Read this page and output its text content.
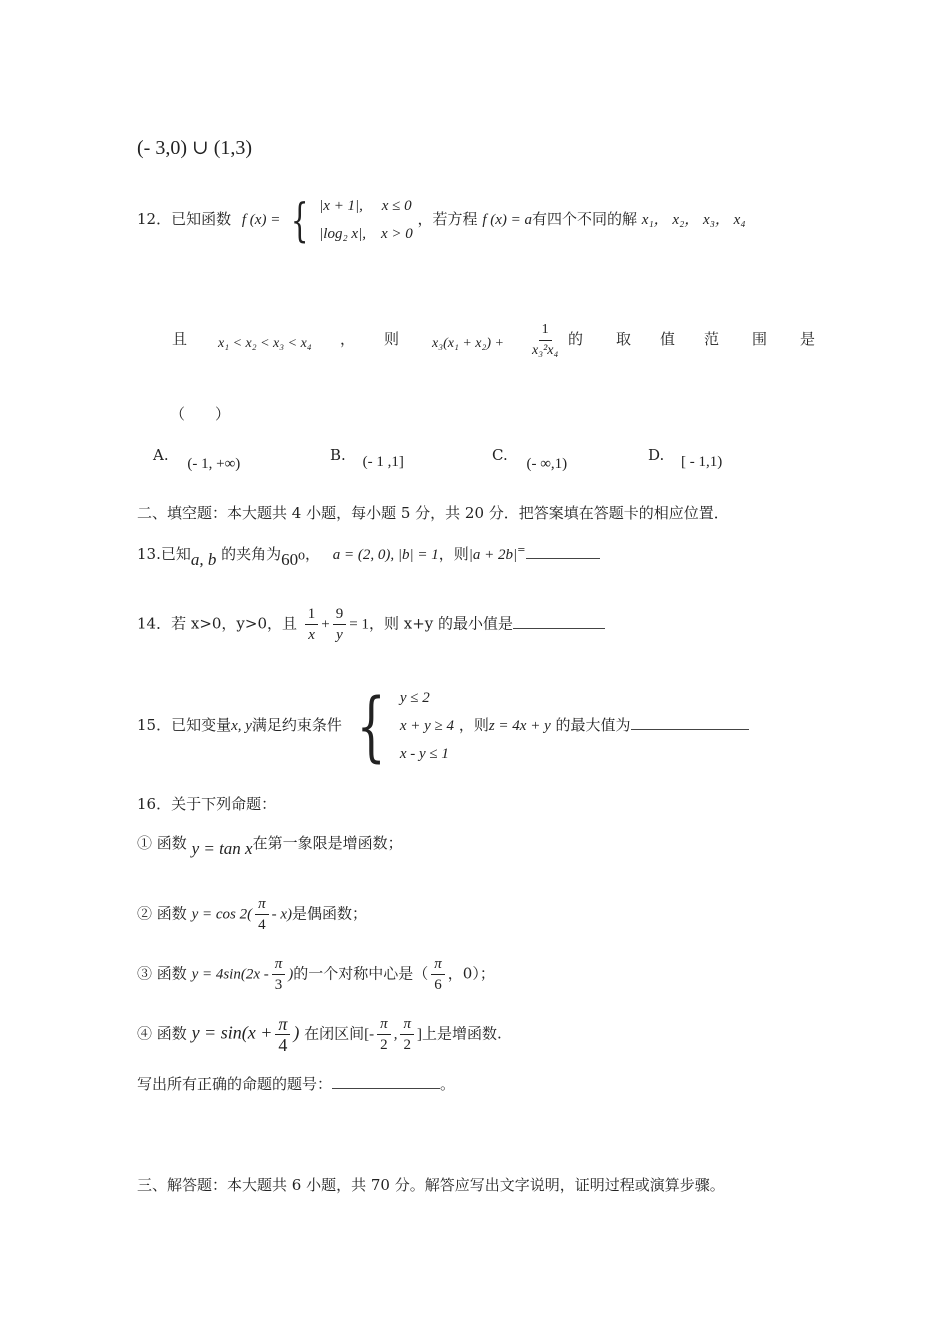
(- 3,0) ∪ (1,3)
12．已知函数 f (x) = { |x + 1|, x ≤ 0
|log₂ x|, x > 0
，若方程 f (x) = a有四个不同的解 x₁， x₂， x₃， x₄
且 x₁ < x₂ < x₃ < x₄ ， 则 $x_3(x_1 + x_2) + \frac{1}{\text{x₃²x₄}}$ 的 取 值 范 围 是
（　　）
A. (- 1, +∞)	B. (- 1 ,1]	C. (- ∞,1)	D. [ - 1,1)
二、填空题：本大题共 4 小题，每小题 5 分，共 20 分．把答案填在答题卡的相应位置．
13.已知a, b 的夹角为60⁰， a = (2, 0), |b| = 1，则|a + 2b|=
14．若 x>0，y>0，且 $\frac{1}{x} + \frac{9}{y} = 1$，则 x+y 的最小值是
15．已知变量x, y满足约束条件 { y ≤ 2
x + y ≥ 4
x - y ≤ 1
，则z = 4x + y 的最大值为
16．关于下列命题：
① 函数 y = tan x在第一象限是增函数；
② 函数 $y = \cos 2( \frac{\pi}{4} - x)$是偶函数；
③ 函数 $y = 4\sin(2x - \frac{\pi}{3}$ )的一个对称中心是（ $\frac{\pi}{6}$ ，0）；
④ 函数 $y = \sin(x + \frac{\pi}{4}$ ) 在闭区间[- $\frac{\pi}{2}$ , $\frac{\pi}{2}$ ]上是增函数.
写出所有正确的命题的题号：	。
三、解答题：本大题共 6 小题，共 70 分。解答应写出文字说明，证明过程或演算步骤。
